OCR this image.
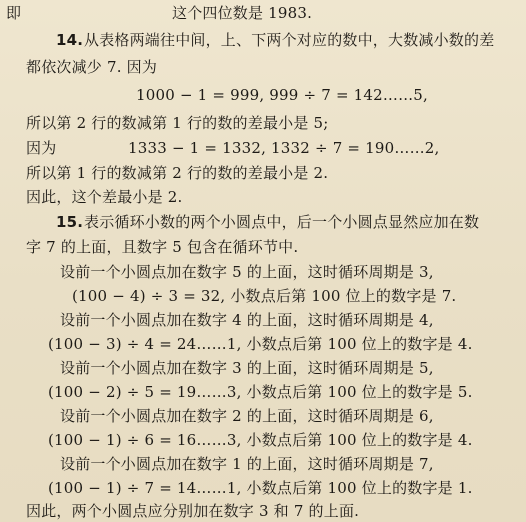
即	这个四位数是 1983.
14. 从表格两端往中间，上、下两个对应的数中，大数减小数的差
都依次减少 7. 因为
1000 − 1 = 999, 999 ÷ 7 = 142……5,
所以第 2 行的数减第 1 行的数的差最小是 5;
因为	1333 − 1 = 1332, 1332 ÷ 7 = 190……2,
所以第 1 行的数减第 2 行的数的差最小是 2.
因此，这个差最小是 2.
15. 表示循环小数的两个小圆点中，后一个小圆点显然应加在数
字 7 的上面，且数字 5 包含在循环节中.
设前一个小圆点加在数字 5 的上面，这时循环周期是 3,
(100 − 4) ÷ 3 = 32, 小数点后第 100 位上的数字是 7.
设前一个小圆点加在数字 4 的上面，这时循环周期是 4,
(100 − 3) ÷ 4 = 24……1, 小数点后第 100 位上的数字是 4.
设前一个小圆点加在数字 3 的上面，这时循环周期是 5,
(100 − 2) ÷ 5 = 19……3, 小数点后第 100 位上的数字是 5.
设前一个小圆点加在数字 2 的上面，这时循环周期是 6,
(100 − 1) ÷ 6 = 16……3, 小数点后第 100 位上的数字是 4.
设前一个小圆点加在数字 1 的上面，这时循环周期是 7,
(100 − 1) ÷ 7 = 14……1, 小数点后第 100 位上的数字是 1.
因此，两个小圆点应分别加在数字 3 和 7 的上面.
